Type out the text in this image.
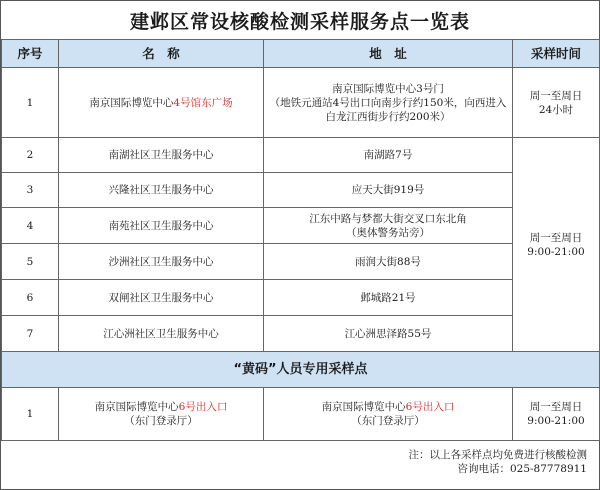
建邺区常设核酸检测采样服务点一览表
序号	名　称	地　址	采样时间
1	南京国际博览中心4号馆东广场	南京国际博览中心3号门
（地铁元通站4号出口向南步行约150米，向西进入白龙江西街步行约200米）	周一至周日
24小时
2	南湖社区卫生服务中心	南湖路7号	周一至周日
9:00-21:00
3	兴隆社区卫生服务中心	应天大街919号	
4	南苑社区卫生服务中心	江东中路与梦都大街交叉口东北角
（奥体警务站旁）	
5	沙洲社区卫生服务中心	雨润大街88号	
6	双闸社区卫生服务中心	邺城路21号	
7	江心洲社区卫生服务中心	江心洲思泽路55号	
“黄码”人员专用采样点			
1	南京国际博览中心6号出入口
（东门登录厅）	南京国际博览中心6号出入口
（东门登录厅）	周一至周日
9:00-21:00
注：以上各采样点均免费进行核酸检测
咨询电话：025-87778911
